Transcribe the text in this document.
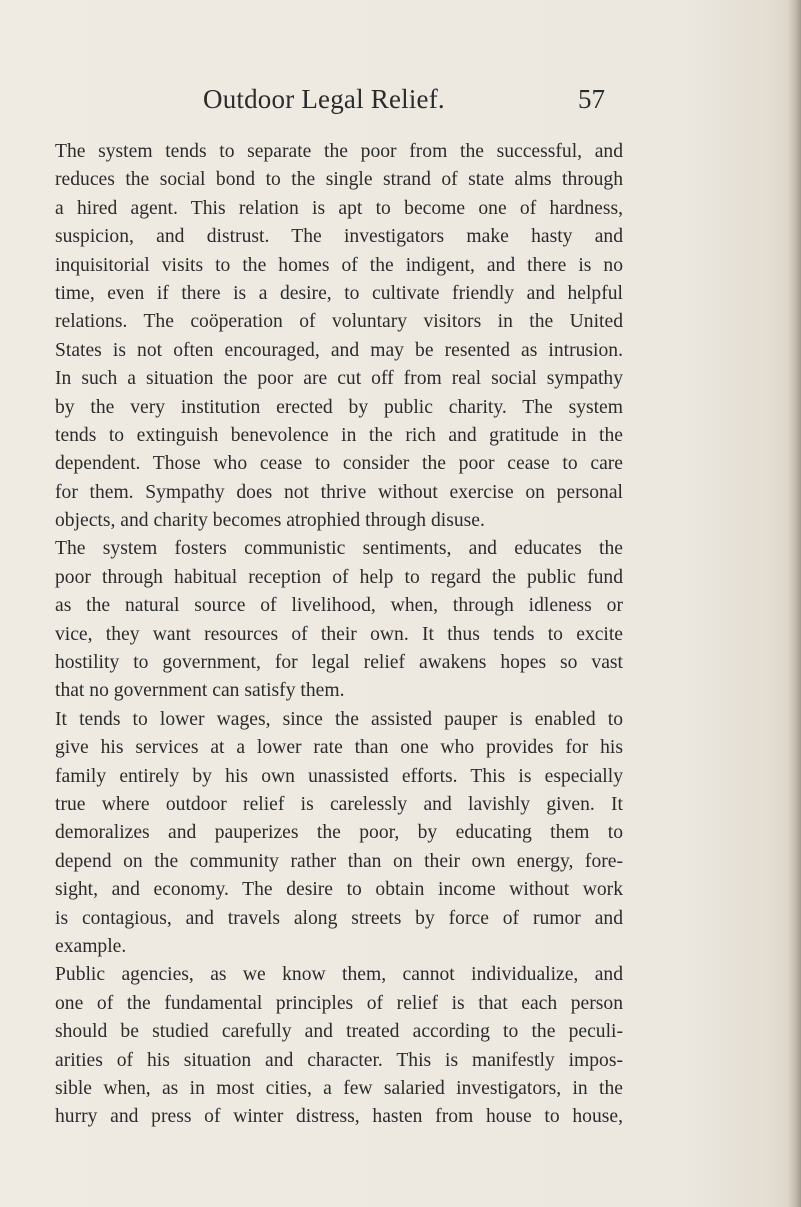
Outdoor Legal Relief.	57
The system tends to separate the poor from the successful, and
reduces the social bond to the single strand of state alms through
a hired agent. This relation is apt to become one of hardness,
suspicion, and distrust. The investigators make hasty and
inquisitorial visits to the homes of the indigent, and there is no
time, even if there is a desire, to cultivate friendly and helpful
relations. The coöperation of voluntary visitors in the United
States is not often encouraged, and may be resented as intrusion.
In such a situation the poor are cut off from real social sympathy
by the very institution erected by public charity. The system
tends to extinguish benevolence in the rich and gratitude in the
dependent. Those who cease to consider the poor cease to care
for them. Sympathy does not thrive without exercise on personal
objects, and charity becomes atrophied through disuse.
The system fosters communistic sentiments, and educates the
poor through habitual reception of help to regard the public fund
as the natural source of livelihood, when, through idleness or
vice, they want resources of their own. It thus tends to excite
hostility to government, for legal relief awakens hopes so vast
that no government can satisfy them.
It tends to lower wages, since the assisted pauper is enabled to
give his services at a lower rate than one who provides for his
family entirely by his own unassisted efforts. This is especially
true where outdoor relief is carelessly and lavishly given. It
demoralizes and pauperizes the poor, by educating them to
depend on the community rather than on their own energy, fore-
sight, and economy. The desire to obtain income without work
is contagious, and travels along streets by force of rumor and
example.
Public agencies, as we know them, cannot individualize, and
one of the fundamental principles of relief is that each person
should be studied carefully and treated according to the peculi-
arities of his situation and character. This is manifestly impos-
sible when, as in most cities, a few salaried investigators, in the
hurry and press of winter distress, hasten from house to house,
